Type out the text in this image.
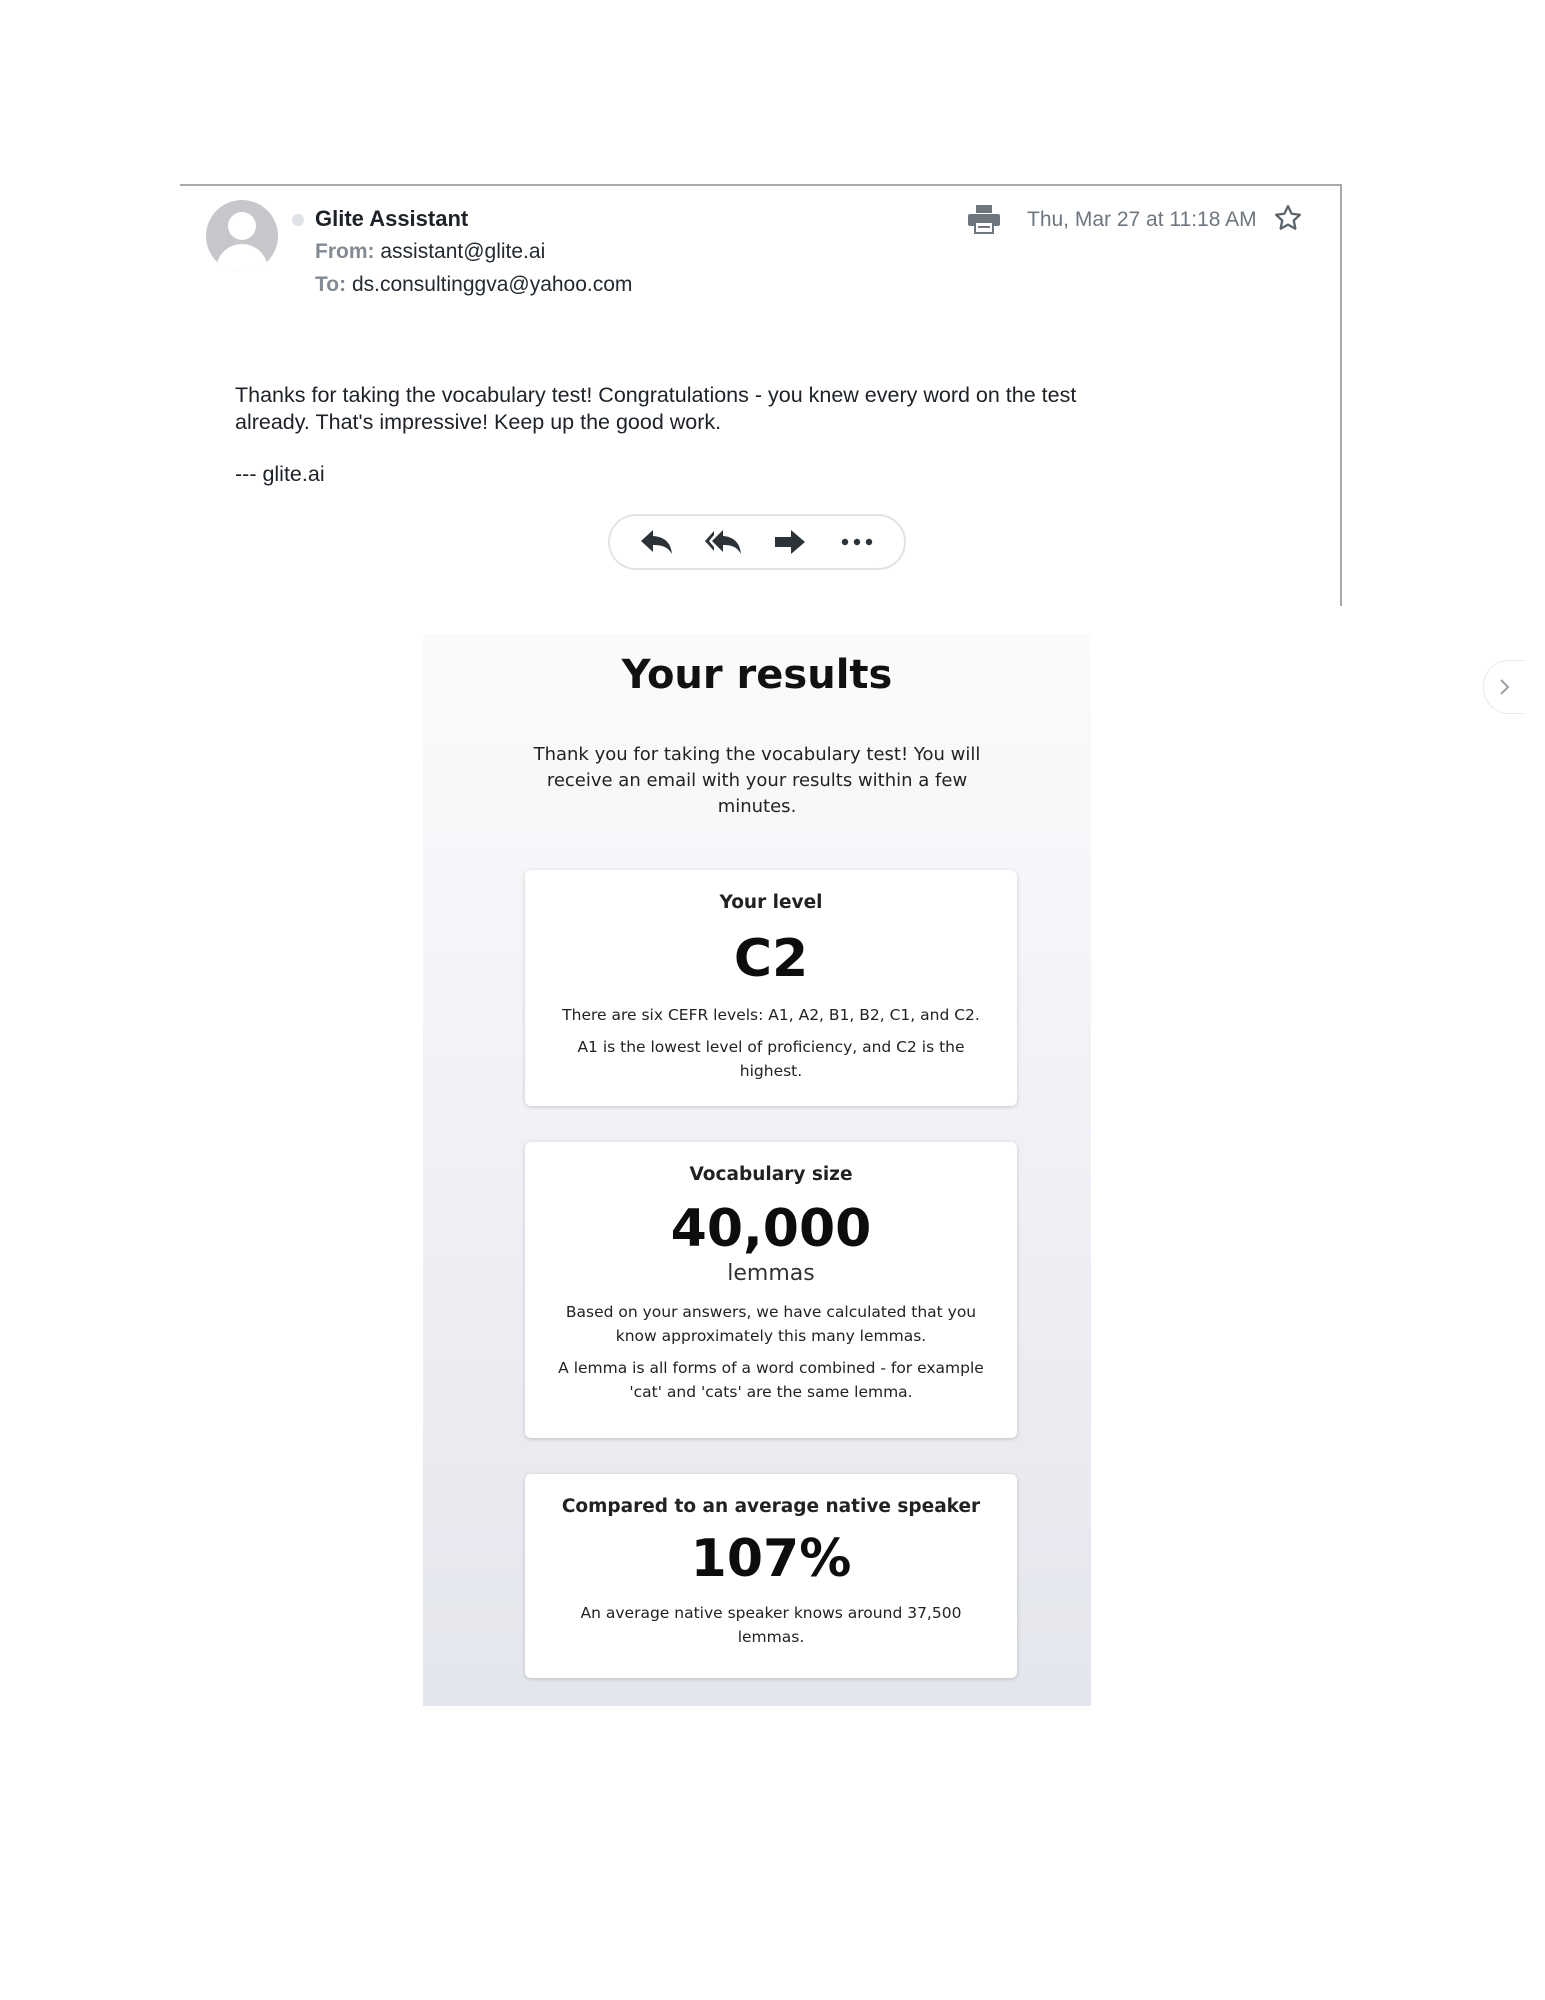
Glite Assistant
From: assistant@glite.ai
To: ds.consultinggva@yahoo.com
Thu, Mar 27 at 11:18 AM
Thanks for taking the vocabulary test! Congratulations - you knew every word on the test already. That's impressive! Keep up the good work.
--- glite.ai
Your results
Thank you for taking the vocabulary test! You will receive an email with your results within a few minutes.
Your level
C2
There are six CEFR levels: A1, A2, B1, B2, C1, and C2.
A1 is the lowest level of proficiency, and C2 is the highest.
Vocabulary size
40,000
lemmas
Based on your answers, we have calculated that you know approximately this many lemmas.
A lemma is all forms of a word combined - for example 'cat' and 'cats' are the same lemma.
Compared to an average native speaker
107%
An average native speaker knows around 37,500 lemmas.
